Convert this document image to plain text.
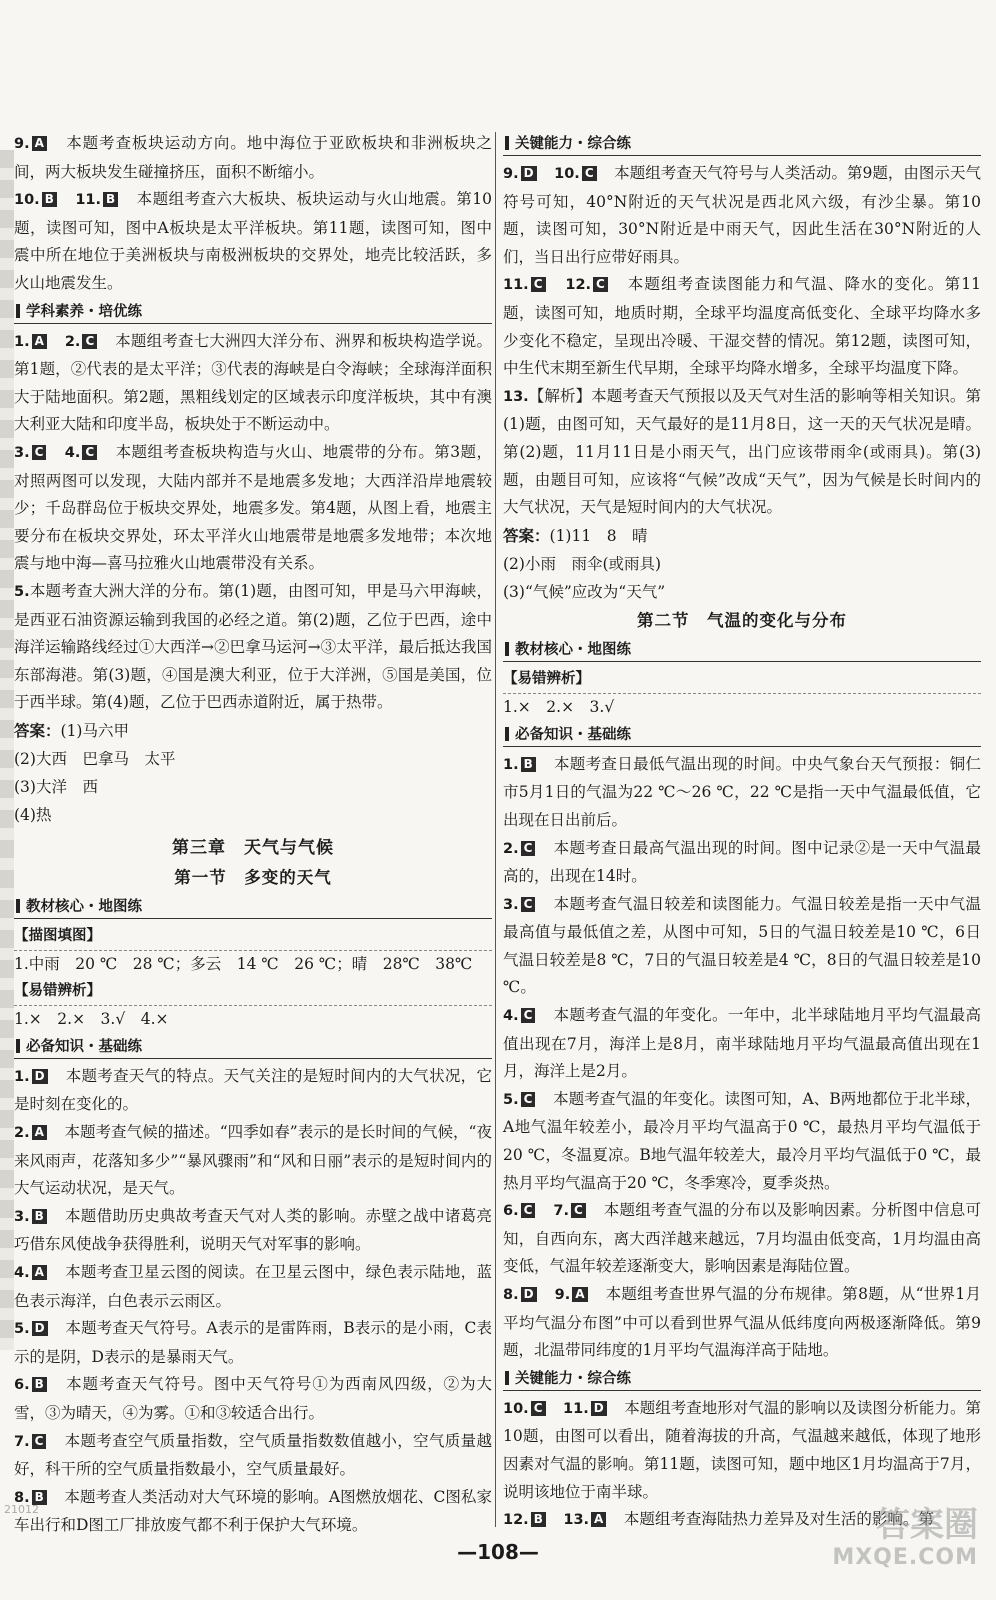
9. A　 本题考查板块运动方向。地中海位于亚欧板块和非洲板块之间，两大板块发生碰撞挤压，面积不断缩小。

10. B　 11. B　 本题组考查六大板块、板块运动与火山地震。第10题，读图可知，图中A板块是太平洋板块。第11题，读图可知，图中震中所在地位于美洲板块与南极洲板块的交界处，地壳比较活跃，多火山地震发生。

学科素养・培优练

1. A　 2. C　 本题组考查七大洲四大洋分布、洲界和板块构造学说。第1题，②代表的是太平洋；③代表的海峡是白令海峡；全球海洋面积大于陆地面积。第2题，黑粗线划定的区域表示印度洋板块，其中有澳大利亚大陆和印度半岛，板块处于不断运动中。

3. C　 4. C　 本题组考查板块构造与火山、地震带的分布。第3题，对照两图可以发现，大陆内部并不是地震多发地；大西洋沿岸地震较少；千岛群岛位于板块交界处，地震多发。第4题，从图上看，地震主要分布在板块交界处，环太平洋火山地震带是地震多发地带；本次地震与地中海—喜马拉雅火山地震带没有关系。

5.本题考查大洲大洋的分布。第(1)题，由图可知，甲是马六甲海峡，是西亚石油资源运输到我国的必经之道。第(2)题，乙位于巴西，途中海洋运输路线经过①大西洋→②巴拿马运河→③太平洋，最后抵达我国东部海港。第(3)题，④国是澳大利亚，位于大洋洲，⑤国是美国，位于西半球。第(4)题，乙位于巴西赤道附近，属于热带。

答案：(1)马六甲

(2)大西　巴拿马　太平

(3)大洋　西

(4)热

第三章　天气与气候

第一节　多变的天气

教材核心・地图练
【描图填图】

1.中雨　20 ℃　28 ℃；多云　14 ℃　26 ℃；晴　28℃　38℃

【易错辨析】

1.×　2.×　3.√　4.×

必备知识・基础练

1. D　 本题考查天气的特点。天气关注的是短时间内的大气状况，它是时刻在变化的。

2. A　 本题考查气候的描述。“四季如春”表示的是长时间的气候，“夜来风雨声，花落知多少”“暴风骤雨”和“风和日丽”表示的是短时间内的大气运动状况，是天气。

3. B　 本题借助历史典故考查天气对人类的影响。赤壁之战中诸葛亮巧借东风使战争获得胜利，说明天气对军事的影响。

4. A　 本题考查卫星云图的阅读。在卫星云图中，绿色表示陆地，蓝色表示海洋，白色表示云雨区。

5. D　 本题考查天气符号。A表示的是雷阵雨，B表示的是小雨，C表示的是阴，D表示的是暴雨天气。

6. B　 本题考查天气符号。图中天气符号①为西南风四级，②为大雪，③为晴天，④为雾。①和③较适合出行。

7. C　 本题考查空气质量指数，空气质量指数数值越小，空气质量越好，科干所的空气质量指数最小，空气质量最好。

8. B　 本题考查人类活动对大气环境的影响。A图燃放烟花、C图私家车出行和D图工厂排放废气都不利于保护大气环境。

关键能力・综合练

9. D　 10. C　 本题组考查天气符号与人类活动。第9题，由图示天气符号可知，40°N附近的天气状况是西北风六级，有沙尘暴。第10题，读图可知，30°N附近是中雨天气，因此生活在30°N附近的人们，当日出行应带好雨具。

11. C　 12. C　 本题组考查读图能力和气温、降水的变化。第11题，读图可知，地质时期，全球平均温度高低变化、全球平均降水多少变化不稳定，呈现出冷暖、干湿交替的情况。第12题，读图可知，中生代末期至新生代早期，全球平均降水增多，全球平均温度下降。

13.【解析】本题考查天气预报以及天气对生活的影响等相关知识。第(1)题，由图可知，天气最好的是11月8日，这一天的天气状况是晴。第(2)题，11月11日是小雨天气，出门应该带雨伞(或雨具)。第(3)题，由题目可知，应该将“气候”改成“天气”，因为气候是长时间内的大气状况，天气是短时间内的大气状况。

答案：(1)11　8　晴

(2)小雨　雨伞(或雨具)

(3)“气候”应改为“天气”

第二节　气温的变化与分布

教材核心・地图练
【易错辨析】

1.×　2.×　3.√

必备知识・基础练

1. B　 本题考查日最低气温出现的时间。中央气象台天气预报：铜仁市5月1日的气温为22 ℃～26 ℃，22 ℃是指一天中气温最低值，它出现在日出前后。

2. C　 本题考查日最高气温出现的时间。图中记录②是一天中气温最高的，出现在14时。

3. C　 本题考查气温日较差和读图能力。气温日较差是指一天中气温最高值与最低值之差，从图中可知，5日的气温日较差是10 ℃，6日气温日较差是8 ℃，7日的气温日较差是4 ℃，8日的气温日较差是10 ℃。

4. C　 本题考查气温的年变化。一年中，北半球陆地月平均气温最高值出现在7月，海洋上是8月，南半球陆地月平均气温最高值出现在1月，海洋上是2月。

5. C　 本题考查气温的年变化。读图可知，A、B两地都位于北半球，A地气温年较差小，最冷月平均气温高于0 ℃，最热月平均气温低于20 ℃，冬温夏凉。B地气温年较差大，最冷月平均气温低于0 ℃，最热月平均气温高于20 ℃，冬季寒冷，夏季炎热。

6. C　 7. C　 本题组考查气温的分布以及影响因素。分析图中信息可知，自西向东，离大西洋越来越远，7月均温由低变高，1月均温由高变低，气温年较差逐渐变大，影响因素是海陆位置。

8. D　 9. A　 本题组考查世界气温的分布规律。第8题，从“世界1月平均气温分布图”中可以看到世界气温从低纬度向两极逐渐降低。第9题，北温带同纬度的1月平均气温海洋高于陆地。

关键能力・综合练

10. C　 11. D　 本题组考查地形对气温的影响以及读图分析能力。第10题，由图可以看出，随着海拔的升高，气温越来越低，体现了地形因素对气温的影响。第11题，读图可知，题中地区1月均温高于7月，说明该地位于南半球。

12. B　 13. A　 本题组考查海陆热力差异及对生活的影响。第

21012
—108—
答案圈
MXQE.COM
